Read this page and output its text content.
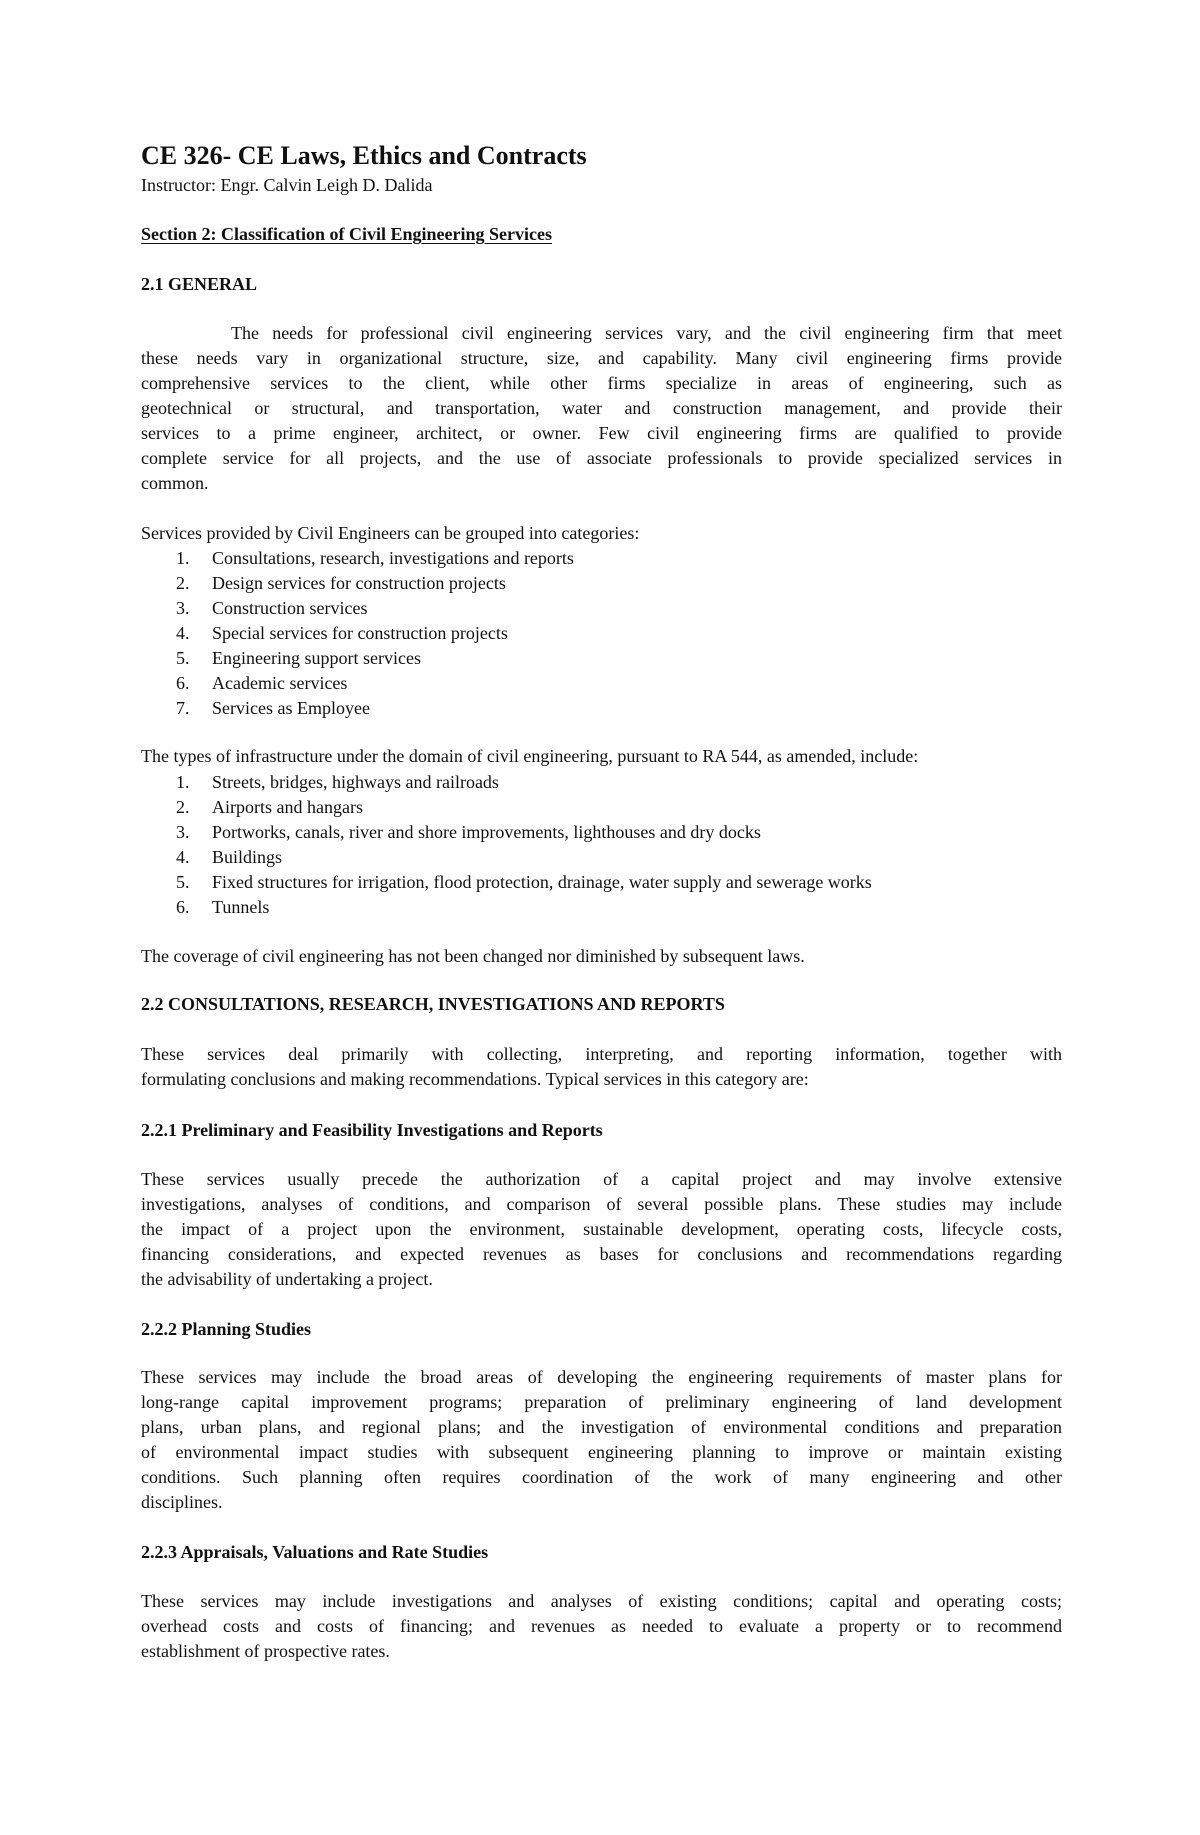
CE 326- CE Laws, Ethics and Contracts
Instructor: Engr. Calvin Leigh D. Dalida
Section 2: Classification of Civil Engineering Services
2.1 GENERAL
The needs for professional civil engineering services vary, and the civil engineering firm that meet
these needs vary in organizational structure, size, and capability. Many civil engineering firms provide
comprehensive services to the client, while other firms specialize in areas of engineering, such as
geotechnical or structural, and transportation, water and construction management, and provide their
services to a prime engineer, architect, or owner. Few civil engineering firms are qualified to provide
complete service for all projects, and the use of associate professionals to provide specialized services in
common.
Services provided by Civil Engineers can be grouped into categories:
1.	Consultations, research, investigations and reports
2.	Design services for construction projects
3.	Construction services
4.	Special services for construction projects
5.	Engineering support services
6.	Academic services
7.	Services as Employee
The types of infrastructure under the domain of civil engineering, pursuant to RA 544, as amended, include:
1.	Streets, bridges, highways and railroads
2.	Airports and hangars
3.	Portworks, canals, river and shore improvements, lighthouses and dry docks
4.	Buildings
5.	Fixed structures for irrigation, flood protection, drainage, water supply and sewerage works
6.	Tunnels
The coverage of civil engineering has not been changed nor diminished by subsequent laws.
2.2 CONSULTATIONS, RESEARCH, INVESTIGATIONS AND REPORTS
These services deal primarily with collecting, interpreting, and reporting information, together with
formulating conclusions and making recommendations. Typical services in this category are:
2.2.1 Preliminary and Feasibility Investigations and Reports
These services usually precede the authorization of a capital project and may involve extensive
investigations, analyses of conditions, and comparison of several possible plans. These studies may include
the impact of a project upon the environment, sustainable development, operating costs, lifecycle costs,
financing considerations, and expected revenues as bases for conclusions and recommendations regarding
the advisability of undertaking a project.
2.2.2 Planning Studies
These services may include the broad areas of developing the engineering requirements of master plans for
long-range capital improvement programs; preparation of preliminary engineering of land development
plans, urban plans, and regional plans; and the investigation of environmental conditions and preparation
of environmental impact studies with subsequent engineering planning to improve or maintain existing
conditions. Such planning often requires coordination of the work of many engineering and other
disciplines.
2.2.3 Appraisals, Valuations and Rate Studies
These services may include investigations and analyses of existing conditions; capital and operating costs;
overhead costs and costs of financing; and revenues as needed to evaluate a property or to recommend
establishment of prospective rates.
